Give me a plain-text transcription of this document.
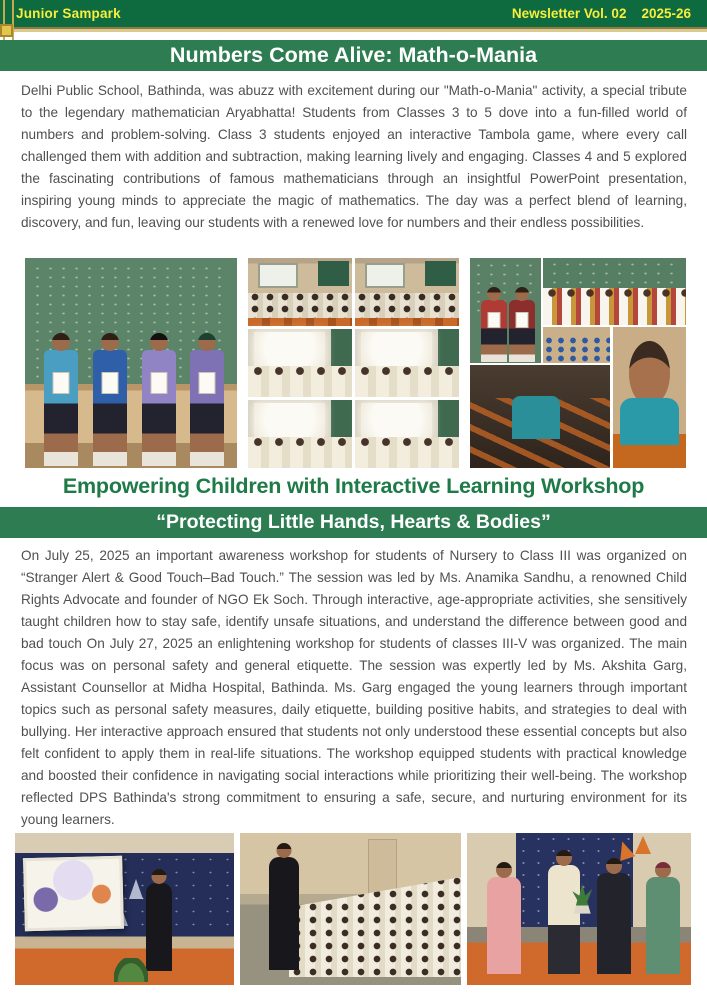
Junior Sampark	Newsletter Vol. 02 2025-26
Numbers Come Alive: Math-o-Mania

Delhi Public School, Bathinda, was abuzz with excitement during our "Math-o-Mania" activity, a special tribute to the legendary mathematician Aryabhatta! Students from Classes 3 to 5 dove into a fun-filled world of numbers and problem-solving. Class 3 students enjoyed an interactive Tambola game, where every call challenged them with addition and subtraction, making learning lively and engaging. Classes 4 and 5 explored the fascinating contributions of famous mathematicians through an insightful PowerPoint presentation, inspiring young minds to appreciate the magic of mathematics. The day was a perfect blend of learning, discovery, and fun, leaving our students with a renewed love for numbers and their endless possibilities.

Empowering Children with Interactive Learning Workshop
“Protecting Little Hands, Hearts & Bodies”

On July 25, 2025 an important awareness workshop for students of Nursery to Class III was organized on “Stranger Alert & Good Touch–Bad Touch.” The session was led by Ms. Anamika Sandhu, a renowned Child Rights Advocate and founder of NGO Ek Soch. Through interactive, age-appropriate activities, she sensitively taught children how to stay safe, identify unsafe situations, and understand the difference between good and bad touch On July 27, 2025 an enlightening workshop for students of classes III-V was organized. The main focus was on personal safety and general etiquette. The session was expertly led by Ms. Akshita Garg, Assistant Counsellor at Midha Hospital, Bathinda. Ms. Garg engaged the young learners through important topics such as personal safety measures, daily etiquette, building positive habits, and strategies to deal with bullying. Her interactive approach ensured that students not only understood these essential concepts but also felt confident to apply them in real-life situations. The workshop equipped students with practical knowledge and boosted their confidence in navigating social interactions while prioritizing their well-being. The workshop reflected DPS Bathinda's strong commitment to ensuring a safe, secure, and nurturing environment for its young learners.
